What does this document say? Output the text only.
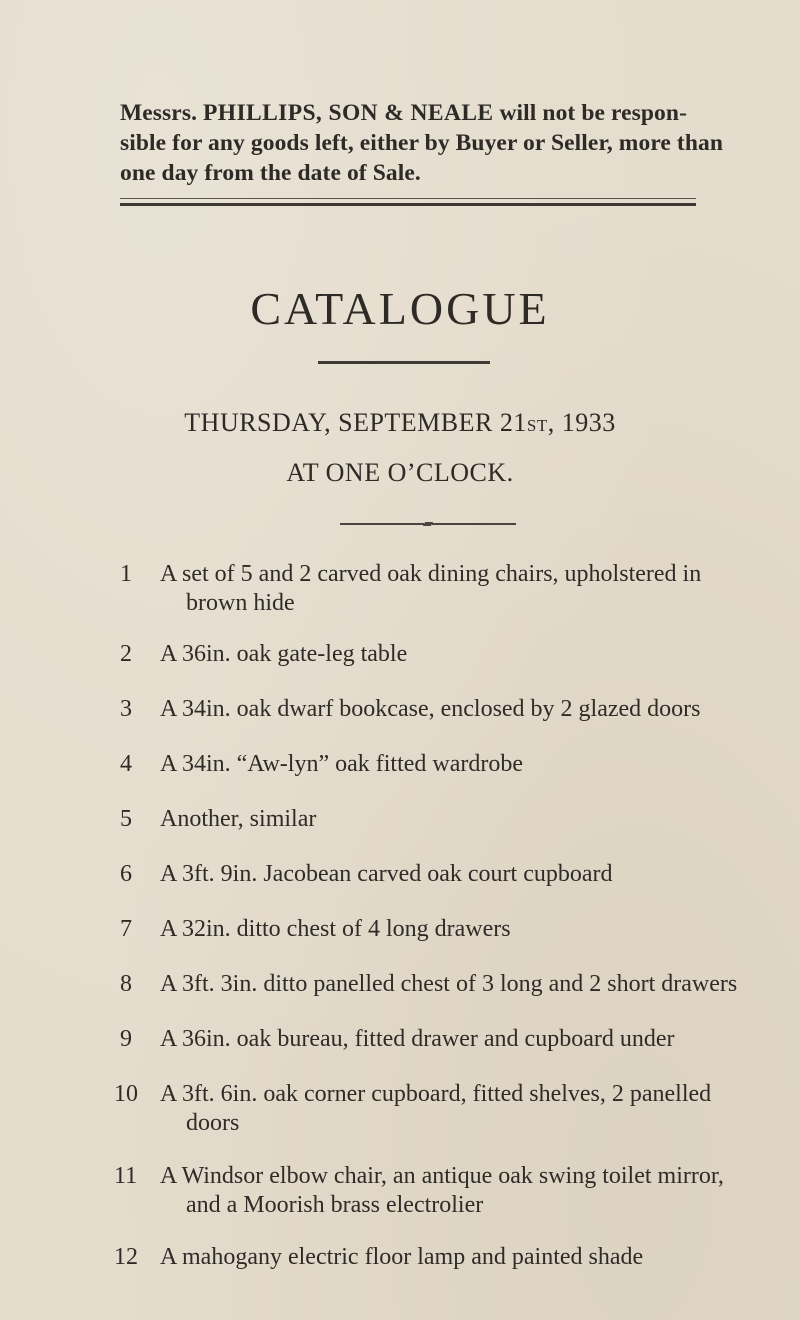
Messrs. PHILLIPS, SON & NEALE will not be respon-
sible for any goods left, either by Buyer or Seller, more than
one day from the date of Sale.
CATALOGUE
THURSDAY, SEPTEMBER 21ST, 1933
AT ONE O’CLOCK.
1	A set of 5 and 2 carved oak dining chairs, upholstered in
brown hide
2	A 36in. oak gate-leg table
3	A 34in. oak dwarf bookcase, enclosed by 2 glazed doors
4	A 34in. “Aw-lyn” oak fitted wardrobe
5	Another, similar
6	A 3ft. 9in. Jacobean carved oak court cupboard
7	A 32in. ditto chest of 4 long drawers
8	A 3ft. 3in. ditto panelled chest of 3 long and 2 short drawers
9	A 36in. oak bureau, fitted drawer and cupboard under
10 A 3ft. 6in. oak corner cupboard, fitted shelves, 2 panelled
doors
11 A Windsor elbow chair, an antique oak swing toilet mirror,
and a Moorish brass electrolier
12 A mahogany electric floor lamp and painted shade
